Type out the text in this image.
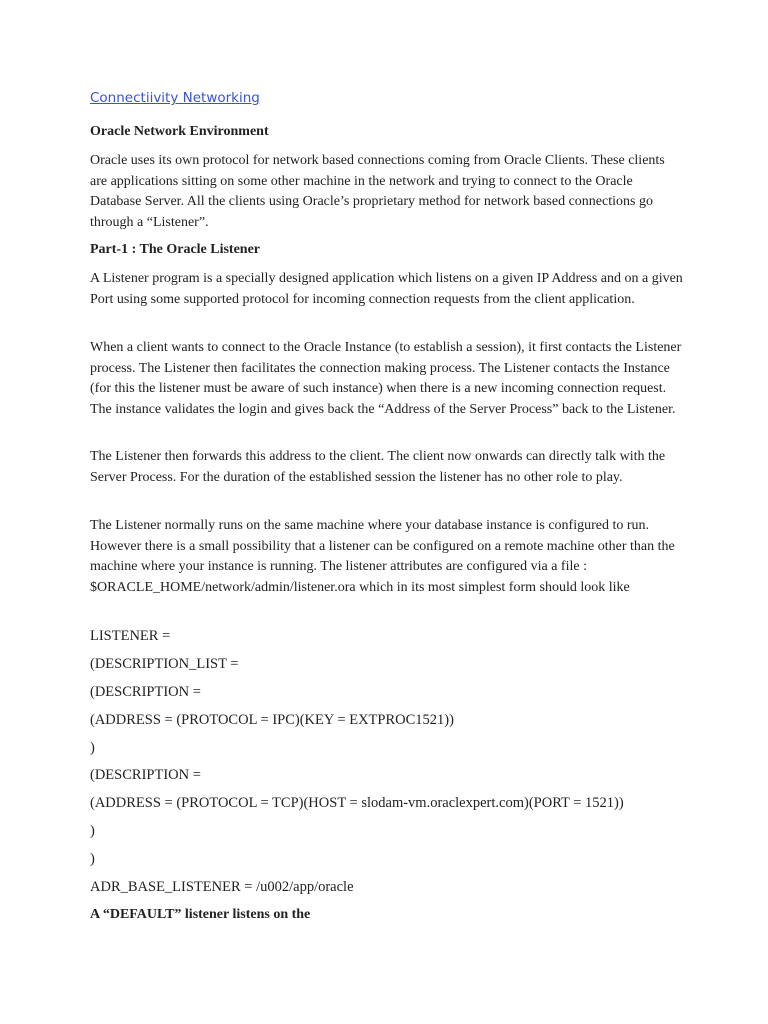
Connectiivity Networking
Oracle Network Environment
Oracle uses its own protocol for network based connections coming from Oracle Clients. These clients are applications sitting on some other machine in the network and trying to connect to the Oracle Database Server. All the clients using Oracle’s proprietary method for network based connections go through a “Listener”.
Part-1 : The Oracle Listener
A Listener program is a specially designed application which listens on a given IP Address and on a given Port using some supported protocol for incoming connection requests from the client application.
When a client wants to connect to the Oracle Instance (to establish a session), it first contacts the Listener process. The Listener then facilitates the connection making process. The Listener contacts the Instance (for this the listener must be aware of such instance) when there is a new incoming connection request. The instance validates the login and gives back the “Address of the Server Process” back to the Listener.
The Listener then forwards this address to the client. The client now onwards can directly talk with the Server Process. For the duration of the established session the listener has no other role to play.
The Listener normally runs on the same machine where your database instance is configured to run. However there is a small possibility that a listener can be configured on a remote machine other than the machine where your instance is running. The listener attributes are configured via a file : $ORACLE_HOME/network/admin/listener.ora which in its most simplest form should look like
LISTENER =
(DESCRIPTION_LIST =
(DESCRIPTION =
(ADDRESS = (PROTOCOL = IPC)(KEY = EXTPROC1521))
)
(DESCRIPTION =
(ADDRESS = (PROTOCOL = TCP)(HOST = slodam-vm.oraclexpert.com)(PORT = 1521))
)
)
ADR_BASE_LISTENER = /u002/app/oracle
A “DEFAULT” listener listens on the
